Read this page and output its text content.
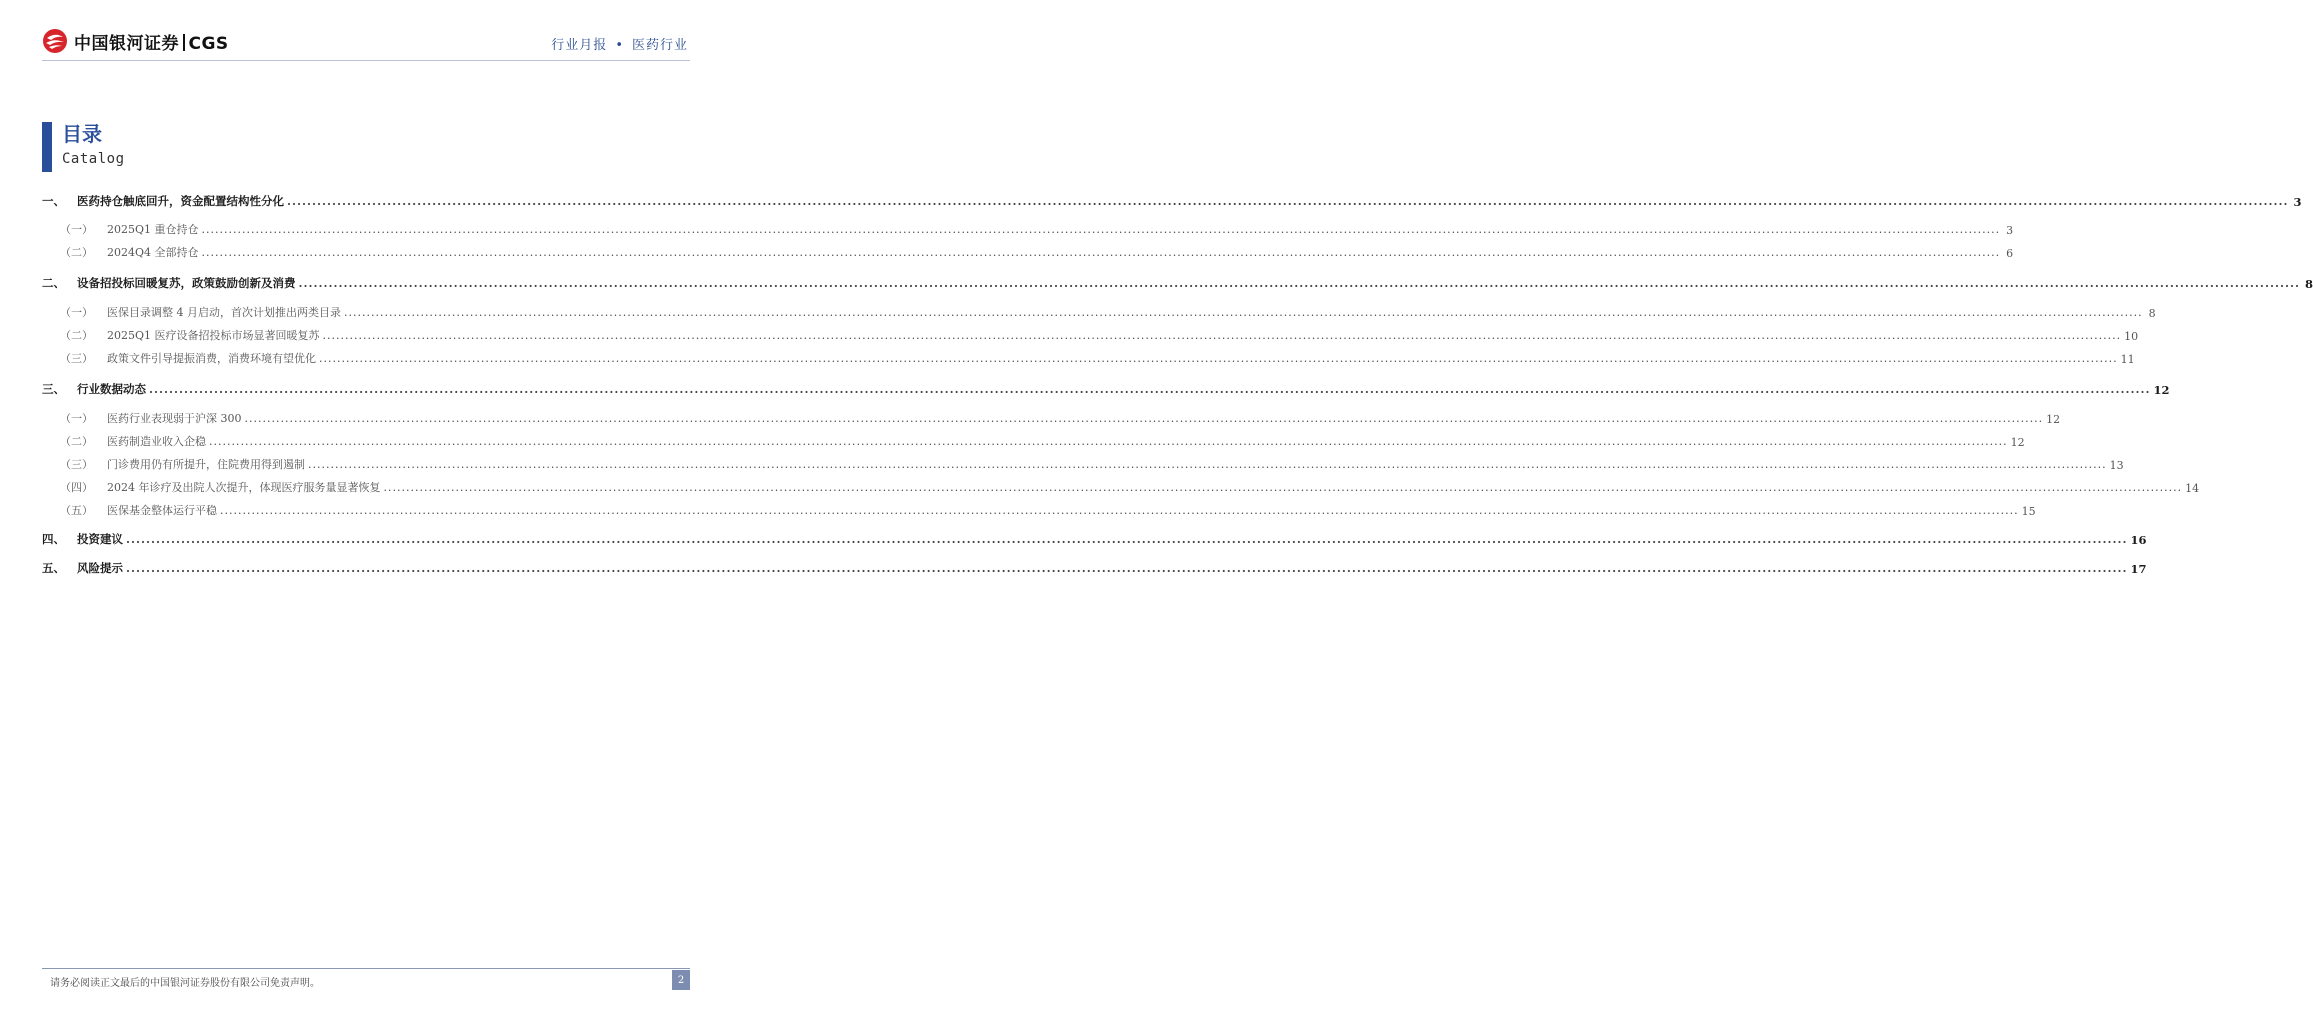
中国银河证券 CGS	行业月报 • 医药行业
目录
Catalog
一、 医药持仓触底回升，资金配置结构性分化 ................................................................................................................................................................................................................................................................................................................................................................................................................ 3
（一） 2025Q1 重仓持仓 ................................................................................................................................................................................................................................................................................................................................................................................................................ 3
（二） 2024Q4 全部持仓 ................................................................................................................................................................................................................................................................................................................................................................................................................ 6
二、 设备招投标回暖复苏，政策鼓励创新及消费 ................................................................................................................................................................................................................................................................................................................................................................................................................ 8
（一） 医保目录调整 4 月启动，首次计划推出两类目录 ................................................................................................................................................................................................................................................................................................................................................................................................................ 8
（二） 2025Q1 医疗设备招投标市场显著回暖复苏 ................................................................................................................................................................................................................................................................................................................................................................................................................ 10
（三） 政策文件引导提振消费，消费环境有望优化 ................................................................................................................................................................................................................................................................................................................................................................................................................ 11
三、 行业数据动态 ................................................................................................................................................................................................................................................................................................................................................................................................................ 12
（一） 医药行业表现弱于沪深 300 ................................................................................................................................................................................................................................................................................................................................................................................................................ 12
（二） 医药制造业收入企稳 ................................................................................................................................................................................................................................................................................................................................................................................................................ 12
（三） 门诊费用仍有所提升，住院费用得到遏制 ................................................................................................................................................................................................................................................................................................................................................................................................................ 13
（四） 2024 年诊疗及出院人次提升，体现医疗服务量显著恢复 ................................................................................................................................................................................................................................................................................................................................................................................................................ 14
（五） 医保基金整体运行平稳 ................................................................................................................................................................................................................................................................................................................................................................................................................ 15
四、 投资建议 ................................................................................................................................................................................................................................................................................................................................................................................................................ 16
五、 风险提示 ................................................................................................................................................................................................................................................................................................................................................................................................................ 17
请务必阅读正文最后的中国银河证券股份有限公司免责声明。	2
